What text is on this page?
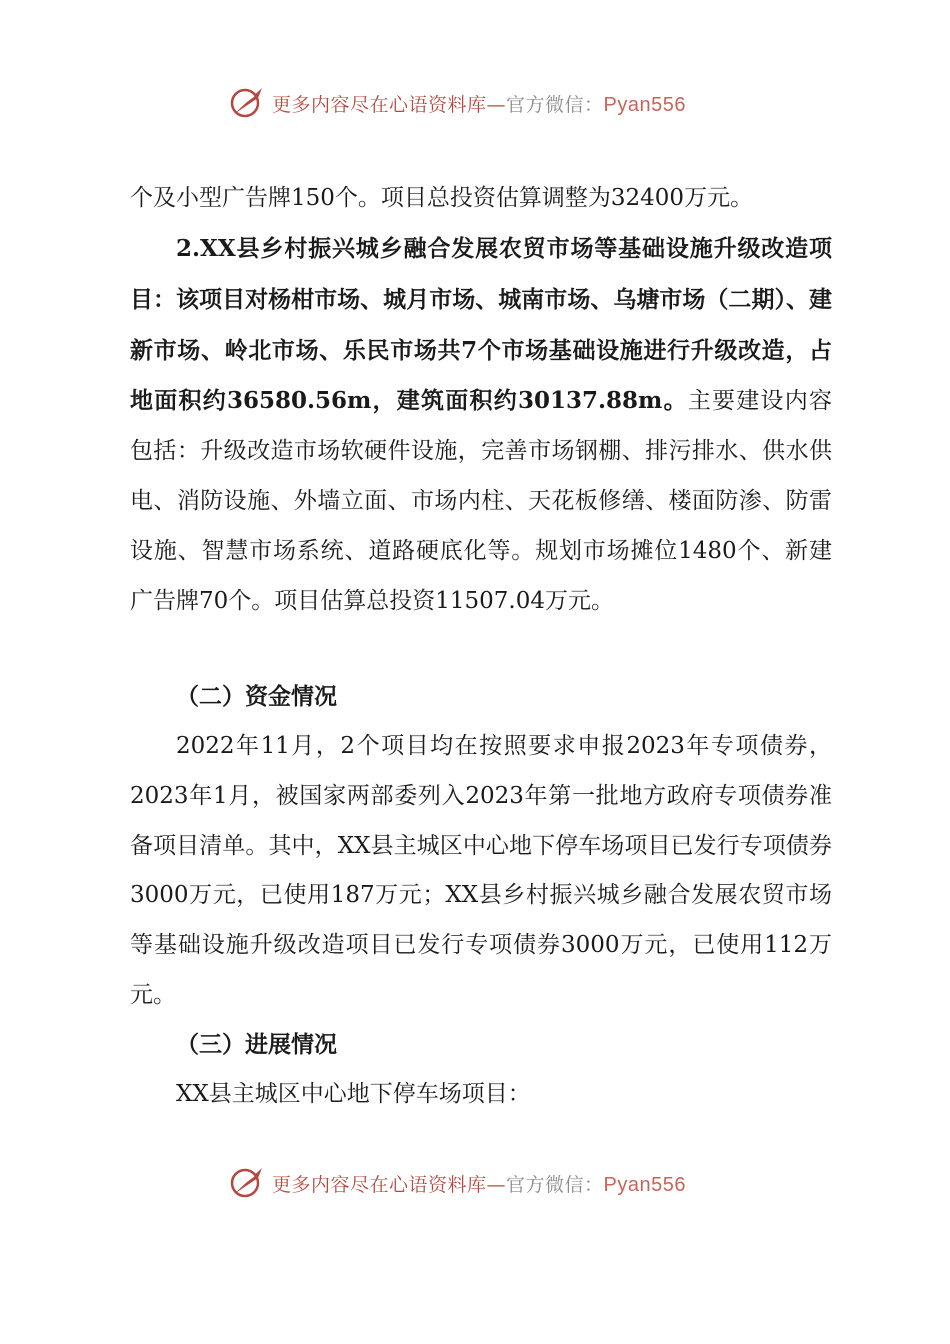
更多内容尽在心语资料库—官方微信：Pyan556
个及小型广告牌150个。项目总投资估算调整为32400万元。
2.XX县乡村振兴城乡融合发展农贸市场等基础设施升级改造项目：该项目对杨柑市场、城月市场、城南市场、乌塘市场（二期）、建新市场、岭北市场、乐民市场共7个市场基础设施进行升级改造，占地面积约36580.56m，建筑面积约30137.88m。主要建设内容包括：升级改造市场软硬件设施，完善市场钢棚、排污排水、供水供电、消防设施、外墙立面、市场内柱、天花板修缮、楼面防渗、防雷设施、智慧市场系统、道路硬底化等。规划市场摊位1480个、新建广告牌70个。项目估算总投资11507.04万元。
（二）资金情况
2022年11月，2个项目均在按照要求申报2023年专项债券，2023年1月，被国家两部委列入2023年第一批地方政府专项债券准备项目清单。其中，XX县主城区中心地下停车场项目已发行专项债券3000万元，已使用187万元；XX县乡村振兴城乡融合发展农贸市场等基础设施升级改造项目已发行专项债券3000万元，已使用112万元。
（三）进展情况
XX县主城区中心地下停车场项目：
更多内容尽在心语资料库—官方微信：Pyan556
